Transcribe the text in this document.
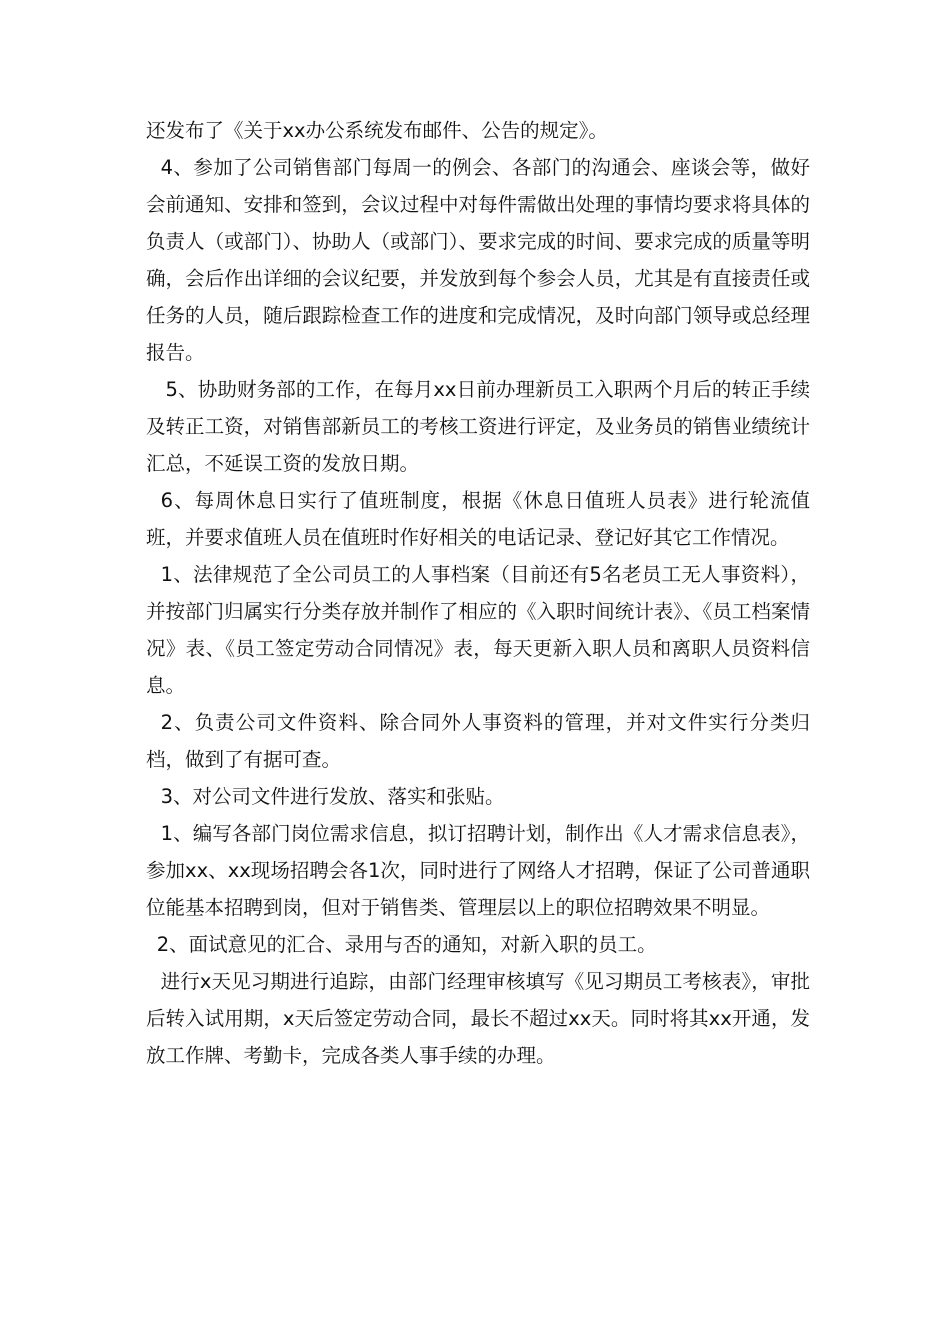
还发布了《关于xx办公系统发布邮件、公告的规定》。

4、参加了公司销售部门每周一的例会、各部门的沟通会、座谈会等，做好会前通知、安排和签到，会议过程中对每件需做出处理的事情均要求将具体的负责人（或部门）、协助人（或部门）、要求完成的时间、要求完成的质量等明确，会后作出详细的会议纪要，并发放到每个参会人员，尤其是有直接责任或任务的人员，随后跟踪检查工作的进度和完成情况，及时向部门领导或总经理报告。

5、协助财务部的工作，在每月xx日前办理新员工入职两个月后的转正手续及转正工资，对销售部新员工的考核工资进行评定，及业务员的销售业绩统计汇总，不延误工资的发放日期。

6、每周休息日实行了值班制度，根据《休息日值班人员表》进行轮流值班，并要求值班人员在值班时作好相关的电话记录、登记好其它工作情况。

1、法律规范了全公司员工的人事档案（目前还有5名老员工无人事资料），并按部门归属实行分类存放并制作了相应的《入职时间统计表》、《员工档案情况》表、《员工签定劳动合同情况》表，每天更新入职人员和离职人员资料信息。

2、负责公司文件资料、除合同外人事资料的管理，并对文件实行分类归档，做到了有据可查。

3、对公司文件进行发放、落实和张贴。

1、编写各部门岗位需求信息，拟订招聘计划，制作出《人才需求信息表》，参加xx、xx现场招聘会各1次，同时进行了网络人才招聘，保证了公司普通职位能基本招聘到岗，但对于销售类、管理层以上的职位招聘效果不明显。

2、面试意见的汇合、录用与否的通知，对新入职的员工。

进行x天见习期进行追踪，由部门经理审核填写《见习期员工考核表》，审批后转入试用期，x天后签定劳动合同，最长不超过xx天。同时将其xx开通，发放工作牌、考勤卡，完成各类人事手续的办理。
